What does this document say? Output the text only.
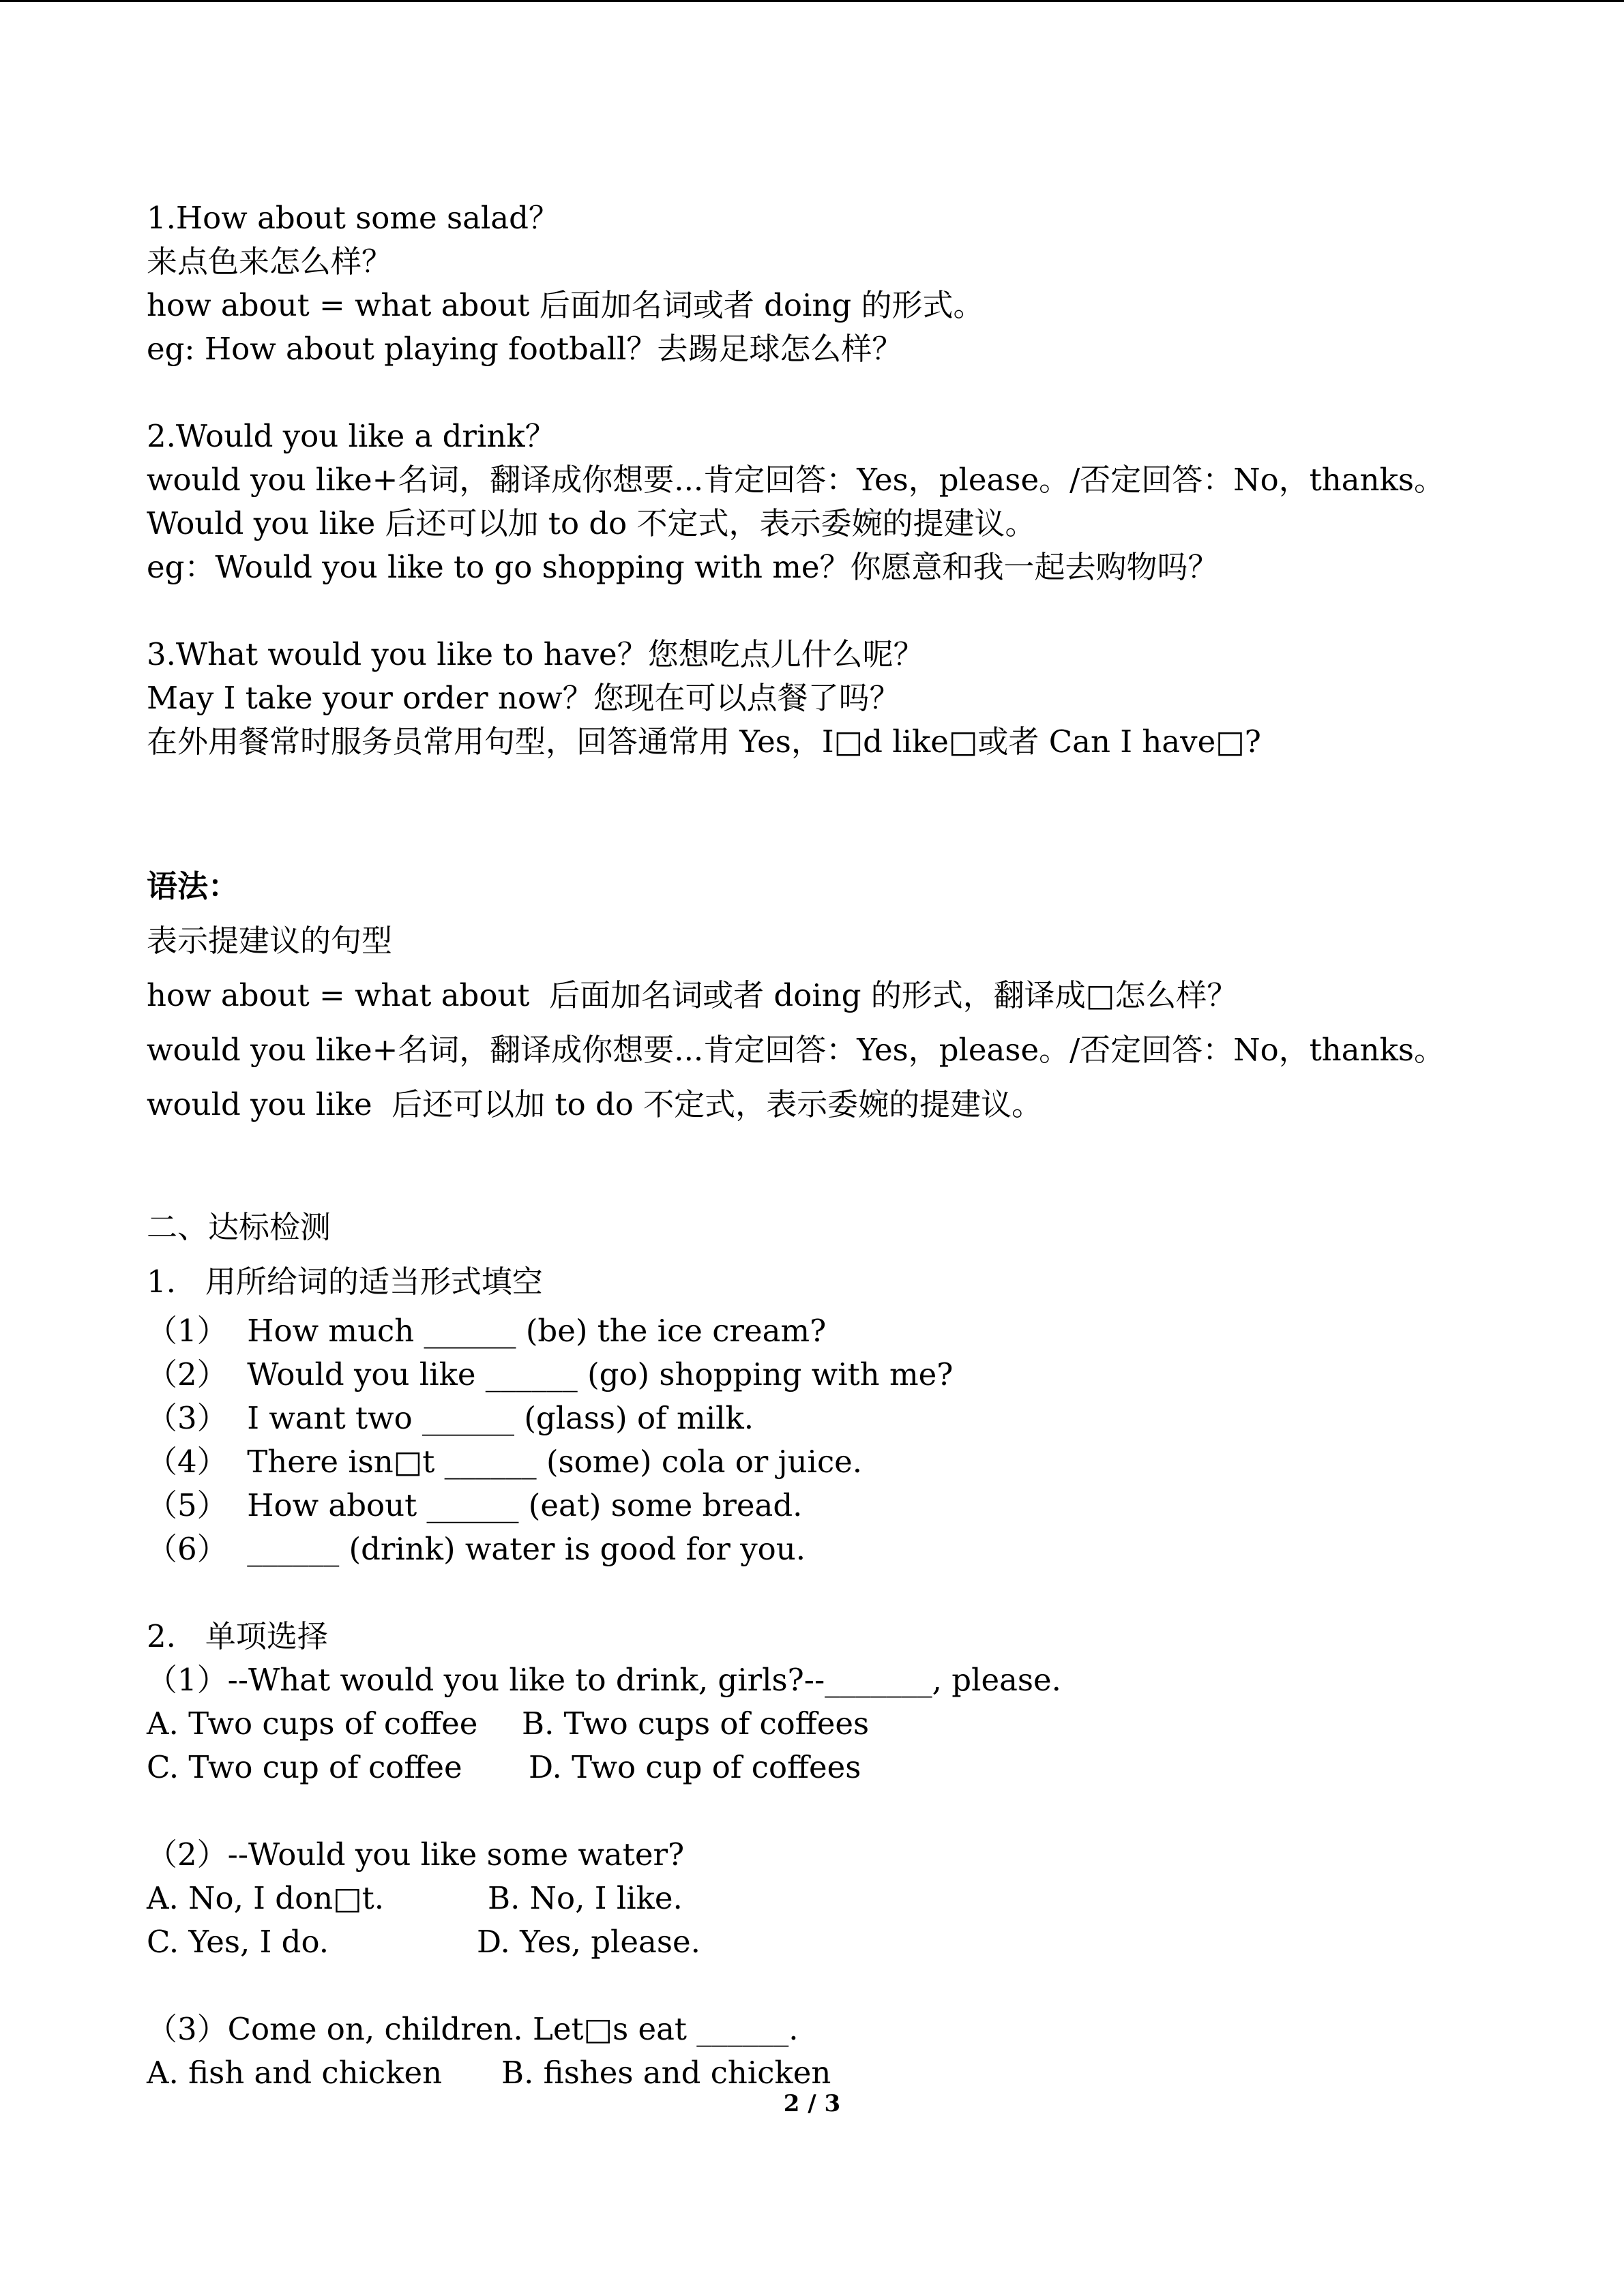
1.How about some salad？
来点色来怎么样？
how about = what about 后面加名词或者 doing 的形式。
eg: How about playing football？去踢足球怎么样？
2.Would you like a drink？
would you like+名词，翻译成你想要...肯定回答：Yes，please。/否定回答：No，thanks。
Would you like 后还可以加 to do 不定式，表示委婉的提建议。
eg：Would you like to go shopping with me？你愿意和我一起去购物吗？
3.What would you like to have？您想吃点儿什么呢？
May I take your order now？您现在可以点餐了吗？
在外用餐常时服务员常用句型，回答通常用 Yes，I□d like□或者 Can I have□?
语法：
表示提建议的句型
how about = what about  后面加名词或者 doing 的形式，翻译成□怎么样？
would you like+名词，翻译成你想要...肯定回答：Yes，please。/否定回答：No，thanks。
would you like  后还可以加 to do 不定式，表示委婉的提建议。
二、达标检测
1.   用所给词的适当形式填空
（1）  How much ______ (be) the ice cream?
（2）  Would you like ______ (go) shopping with me?
（3）  I want two ______ (glass) of milk.
（4）  There isn□t ______ (some) cola or juice.
（5）  How about ______ (eat) some bread.
（6）  ______ (drink) water is good for you.
2.   单项选择
（1）--What would you like to drink, girls?--_______, please.
A. Two cups of coffee	B. Two cups of coffees
C. Two cup of coffee	D. Two cup of coffees
（2）--Would you like some water?
A. No, I don□t.	B. No, I like.
C. Yes, I do.	D. Yes, please.
（3）Come on, children. Let□s eat ______.
A. fish and chicken	B. fishes and chicken
2 / 3
